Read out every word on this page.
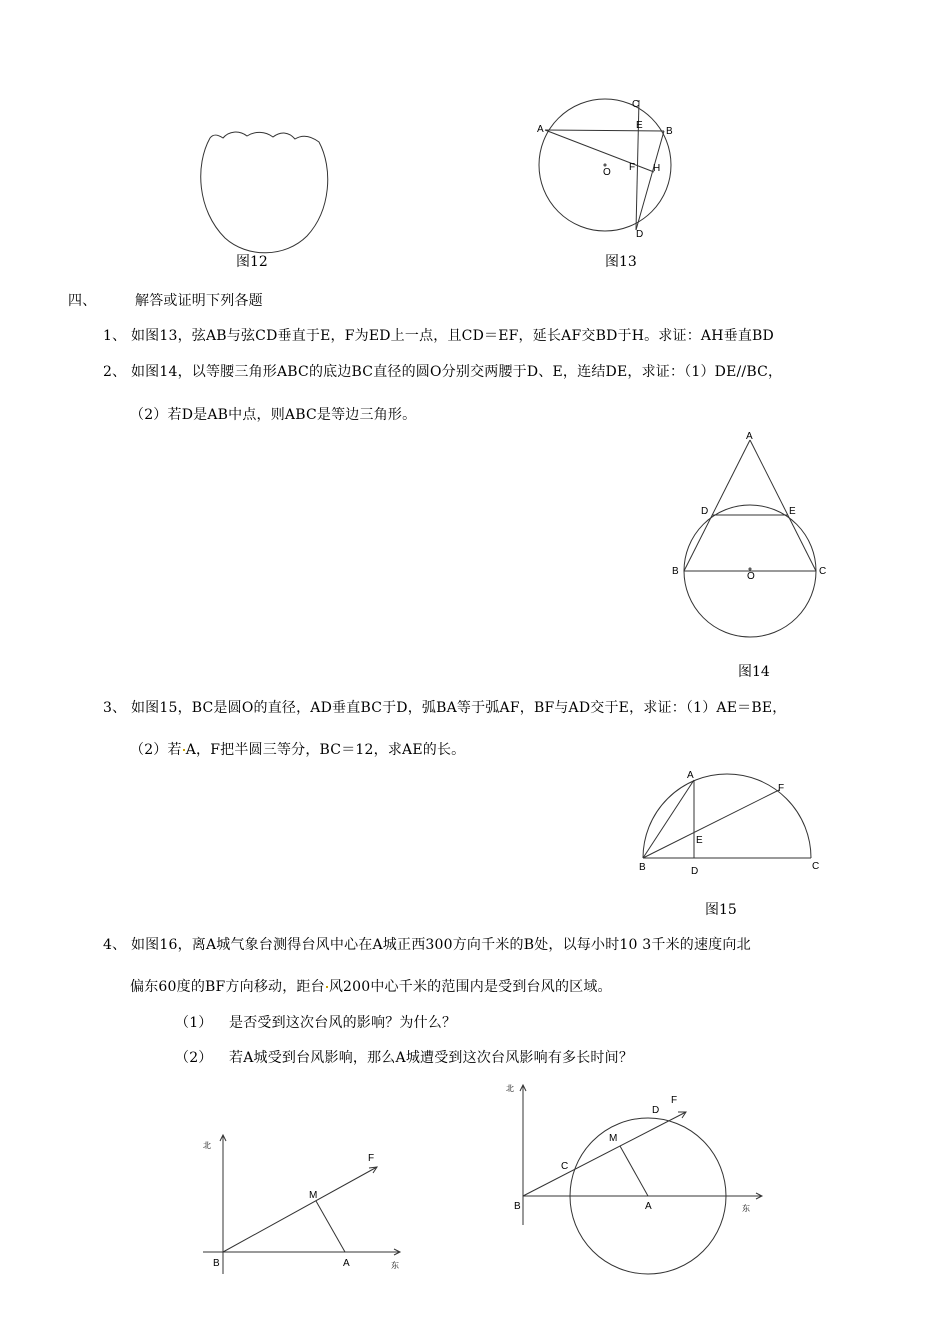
图12
A	B
C
D
E
F H
O
图13
四、	解答或证明下列各题
1、 如图13，弦AB与弦CD垂直于E，F为ED上一点，且CD＝EF，延长AF交BD于H。求证：AH垂直BD
2、 如图14，以等腰三角形ABC的底边BC直径的圆O分别交两腰于D、E，连结DE，求证：（1）DE//BC，
（2）若D是AB中点，则ABC是等边三角形。
A
B	C
D	E
O
图14
3、 如图15，BC是圆O的直径，AD垂直BC于D，弧BA等于弧AF，BF与AD交于E，求证：（1）AE＝BE，
（2）若 A，F把半圆三等分，BC＝12，求AE的长。
A
B	C
D
E
F
图15
4、 如图16，离A城气象台测得台风中心在A城正西300方向千米的B处，以每小时10 3千米的速度向北
偏东60度的BF方向移动，距台 风200中心千米的范围内是受到台风的区域。
（1） 是否受到这次台风的影响？为什么？
（2） 若A城受到台风影响，那么A城遭受到这次台风影响有多长时间？
北
东
B	A
M
F
北
东
B	A
M
C
D
F
